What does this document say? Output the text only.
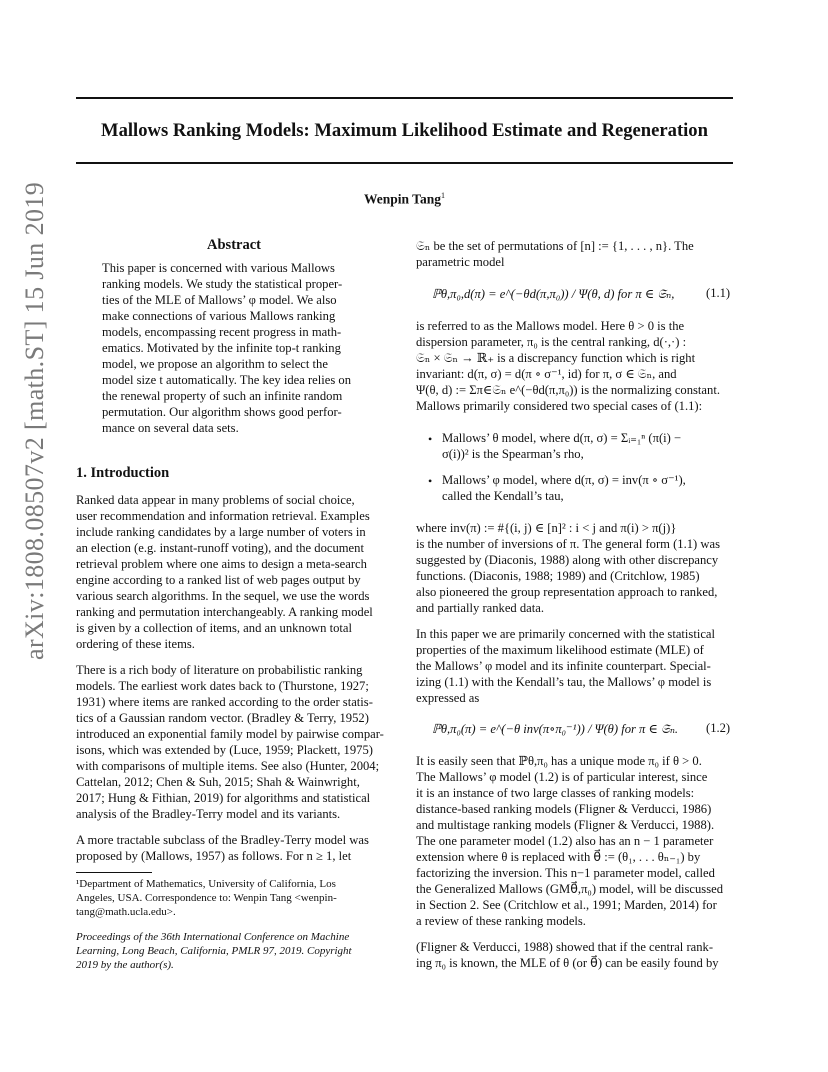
Mallows Ranking Models: Maximum Likelihood Estimate and Regeneration
Wenpin Tang$^1$
arXiv:1808.08507v2 [math.ST] 15 Jun 2019	Abstract
This paper is concerned with various Mallows
ranking models. We study the statistical proper-
ties of the MLE of Mallows’ φ model. We also
make connections of various Mallows ranking
models, encompassing recent progress in math-
ematics. Motivated by the infinite top-t ranking
model, we propose an algorithm to select the
model size t automatically. The key idea relies on
the renewal property of such an infinite random
permutation. Our algorithm shows good perfor-
mance on several data sets.
1. Introduction
Ranked data appear in many problems of social choice,
user recommendation and information retrieval. Examples
include ranking candidates by a large number of voters in
an election (e.g. instant-runoff voting), and the document
retrieval problem where one aims to design a meta-search
engine according to a ranked list of web pages output by
various search algorithms. In the sequel, we use the words
ranking and permutation interchangeably. A ranking model
is given by a collection of items, and an unknown total
ordering of these items.
There is a rich body of literature on probabilistic ranking
models. The earliest work dates back to (Thurstone, 1927;
1931) where items are ranked according to the order statis-
tics of a Gaussian random vector. (Bradley & Terry, 1952)
introduced an exponential family model by pairwise compar-
isons, which was extended by (Luce, 1959; Plackett, 1975)
with comparisons of multiple items. See also (Hunter, 2004;
Cattelan, 2012; Chen & Suh, 2015; Shah & Wainwright,
2017; Hung & Fithian, 2019) for algorithms and statistical
analysis of the Bradley-Terry model and its variants.
A more tractable subclass of the Bradley-Terry model was
proposed by (Mallows, 1957) as follows. For n ≥ 1, let
¹Department of Mathematics, University of California, Los
Angeles, USA. Correspondence to: Wenpin Tang <wenpin-
tang@math.ucla.edu>.
Proceedings of the 36th International Conference on Machine
Learning, Long Beach, California, PMLR 97, 2019. Copyright
2019 by the author(s).
𝔖ₙ be the set of permutations of [n] := {1, . . . , n}. The
parametric model
ℙθ,π₀,d(π) = e^(−θd(π,π₀)) / Ψ(θ, d) for π ∈ 𝔖ₙ,	(1.1)
is referred to as the Mallows model. Here θ > 0 is the
dispersion parameter, π₀ is the central ranking, d(·,·) :
𝔖ₙ × 𝔖ₙ → ℝ₊ is a discrepancy function which is right
invariant: d(π, σ) = d(π ∘ σ⁻¹, id) for π, σ ∈ 𝔖ₙ, and
Ψ(θ, d) := Σπ∈𝔖ₙ e^(−θd(π,π₀)) is the normalizing constant.
Mallows primarily considered two special cases of (1.1):
• Mallows’ θ model, where d(π, σ) = Σᵢ₌₁ⁿ (π(i) −
σ(i))² is the Spearman’s rho,
• Mallows’ φ model, where d(π, σ) = inv(π ∘ σ⁻¹),
called the Kendall’s tau,
where inv(π) := #{(i, j) ∈ [n]² : i < j and π(i) > π(j)}
is the number of inversions of π. The general form (1.1) was
suggested by (Diaconis, 1988) along with other discrepancy
functions. (Diaconis, 1988; 1989) and (Critchlow, 1985)
also pioneered the group representation approach to ranked,
and partially ranked data.
In this paper we are primarily concerned with the statistical
properties of the maximum likelihood estimate (MLE) of
the Mallows’ φ model and its infinite counterpart. Special-
izing (1.1) with the Kendall’s tau, the Mallows’ φ model is
expressed as
ℙθ,π₀(π) = e^(−θ inv(π∘π₀⁻¹)) / Ψ(θ) for π ∈ 𝔖ₙ. (1.2)
It is easily seen that ℙθ,π₀ has a unique mode π₀ if θ > 0.
The Mallows’ φ model (1.2) is of particular interest, since
it is an instance of two large classes of ranking models:
distance-based ranking models (Fligner & Verducci, 1986)
and multistage ranking models (Fligner & Verducci, 1988).
The one parameter model (1.2) also has an n − 1 parameter
extension where θ is replaced with θ⃗ := (θ₁, . . . θₙ₋₁) by
factorizing the inversion. This n−1 parameter model, called
the Generalized Mallows (GMθ⃗,π₀) model, will be discussed
in Section 2. See (Critchlow et al., 1991; Marden, 2014) for
a review of these ranking models.
(Fligner & Verducci, 1988) showed that if the central rank-
ing π₀ is known, the MLE of θ (or θ⃗) can be easily found by
